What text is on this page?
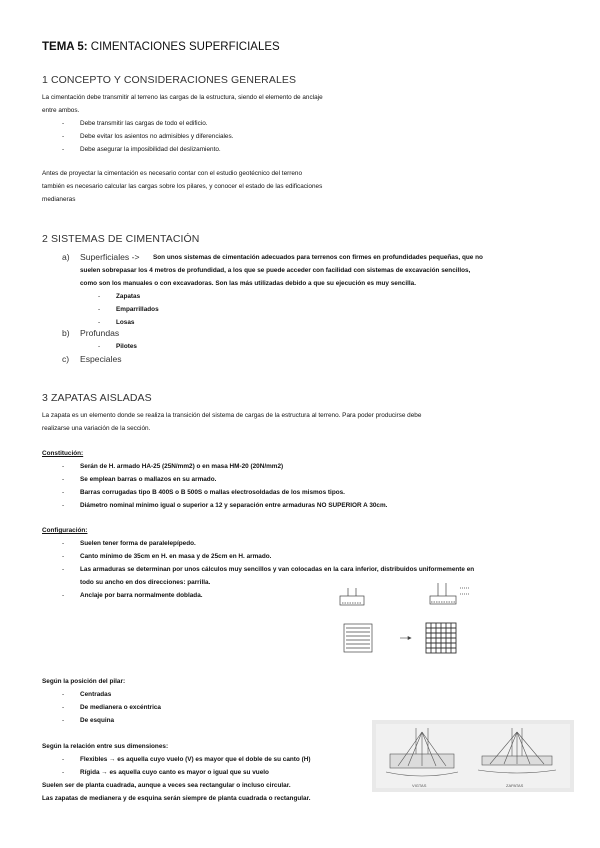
TEMA 5: CIMENTACIONES SUPERFICIALES
1 CONCEPTO Y CONSIDERACIONES GENERALES
La cimentación debe transmitir al terreno las cargas de la estructura, siendo el elemento de anclaje
entre ambos.
- Debe transmitir las cargas de todo el edificio.
- Debe evitar los asientos no admisibles y diferenciales.
- Debe asegurar la imposibilidad del deslizamiento.
Antes de proyectar la cimentación es necesario contar con el estudio geotécnico del terreno
también es necesario calcular las cargas sobre los pilares, y conocer el estado de las edificaciones
medianeras
2 SISTEMAS DE CIMENTACIÓN
a) Superficiales -> Son unos sistemas de cimentación adecuados para terrenos con firmes en profundidades pequeñas, que no
suelen sobrepasar los 4 metros de profundidad, a los que se puede acceder con facilidad con sistemas de excavación sencillos,
como son los manuales o con excavadoras. Son las más utilizadas debido a que su ejecución es muy sencilla.
- Zapatas
- Emparrillados
- Losas
b) Profundas
- Pilotes
c) Especiales
3 ZAPATAS AISLADAS
La zapata es un elemento donde se realiza la transición del sistema de cargas de la estructura al terreno. Para poder producirse debe
realizarse una variación de la sección.
Constitución:
- Serán de H. armado HA-25 (25N/mm2) o en masa HM-20 (20N/mm2)
- Se emplean barras o mallazos en su armado.
- Barras corrugadas tipo B 400S o B 500S o mallas electrosoldadas de los mismos tipos.
- Diámetro nominal mínimo igual o superior a 12 y separación entre armaduras NO SUPERIOR A 30cm.
Configuración:
- Suelen tener forma de paralelepípedo.
- Canto mínimo de 35cm en H. en masa y de 25cm en H. armado.
- Las armaduras se determinan por unos cálculos muy sencillos y van colocadas en la cara inferior, distribuidos uniformemente en
todo su ancho en dos direcciones: parrilla.
- Anclaje por barra normalmente doblada.
Según la posición del pilar:
- Centradas
- De medianera o excéntrica
- De esquina
Según la relación entre sus dimensiones:
- Flexibles → es aquella cuyo vuelo (V) es mayor que el doble de su canto (H)
- Rígida → es aquella cuyo canto es mayor o igual que su vuelo
Suelen ser de planta cuadrada, aunque a veces sea rectangular o incluso circular.
Las zapatas de medianera y de esquina serán siempre de planta cuadrada o rectangular.
VIGTAS	ZAPATAS
